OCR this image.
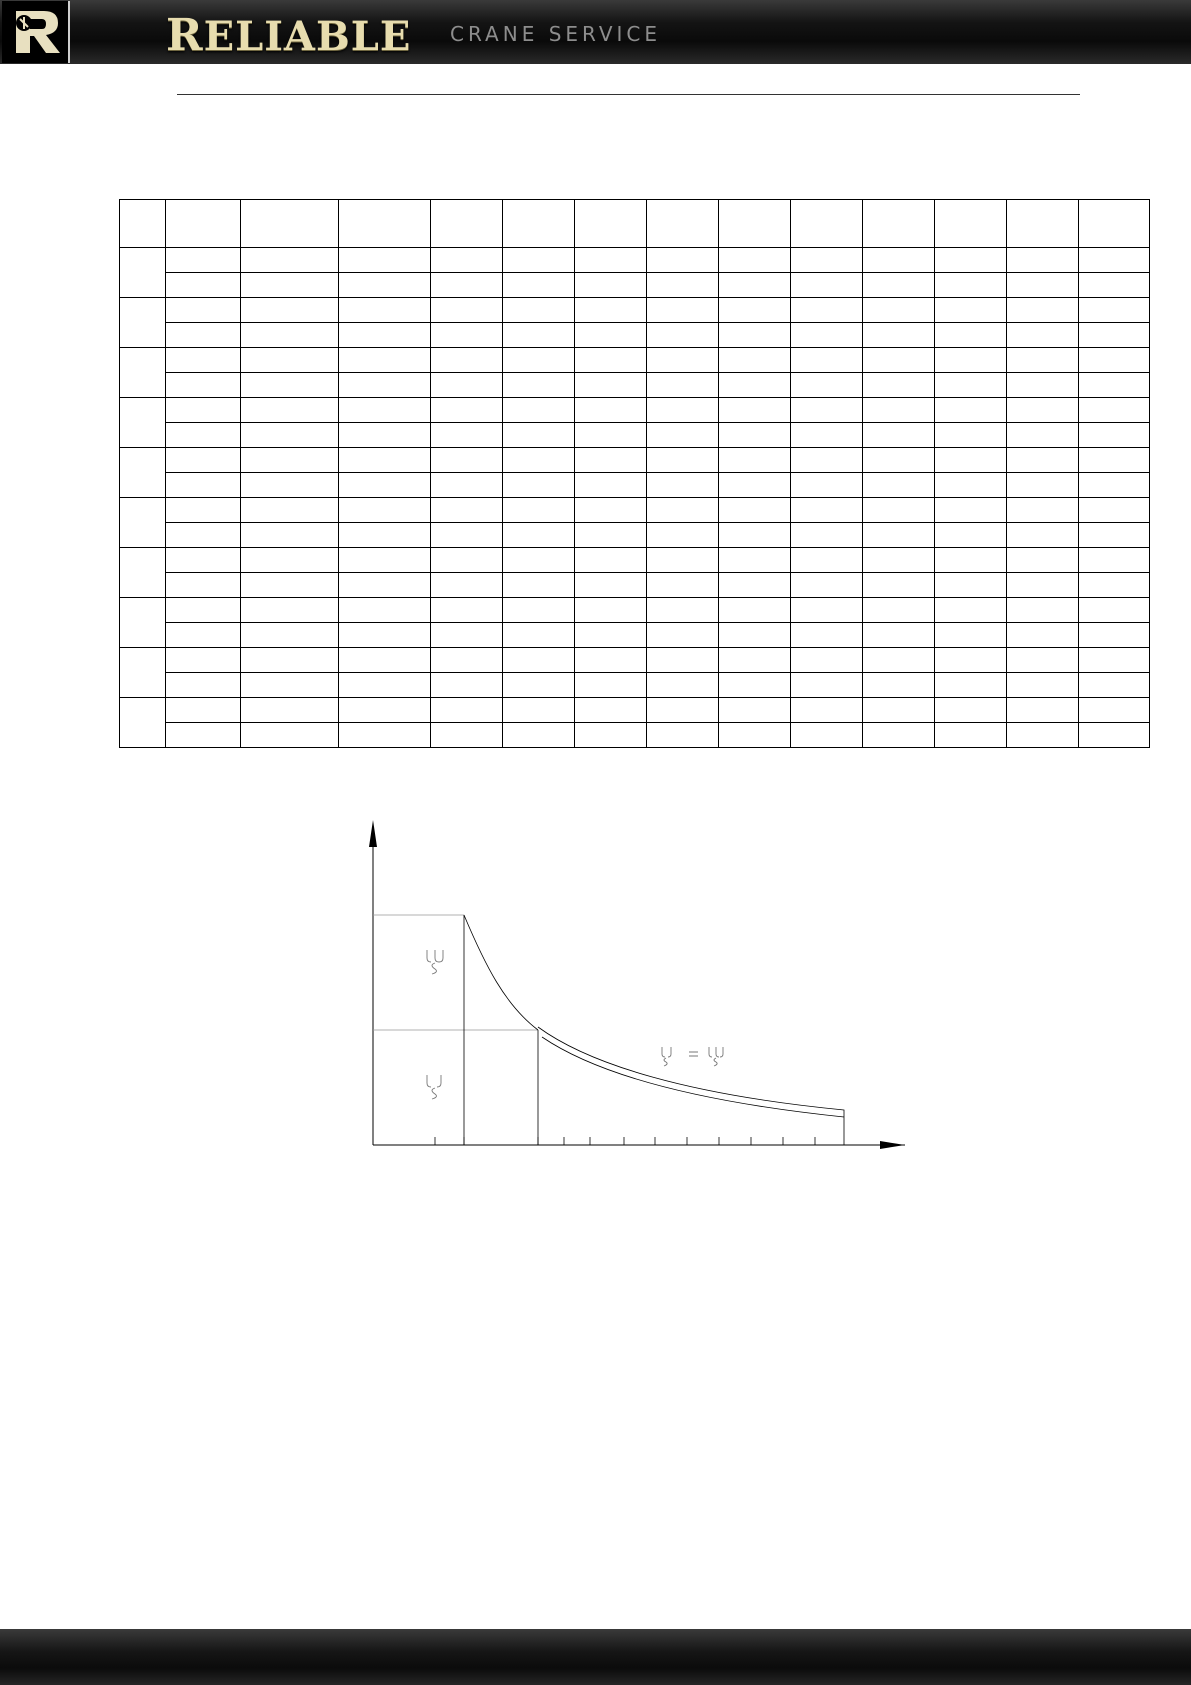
RELIABLE CRANE SERVICE
